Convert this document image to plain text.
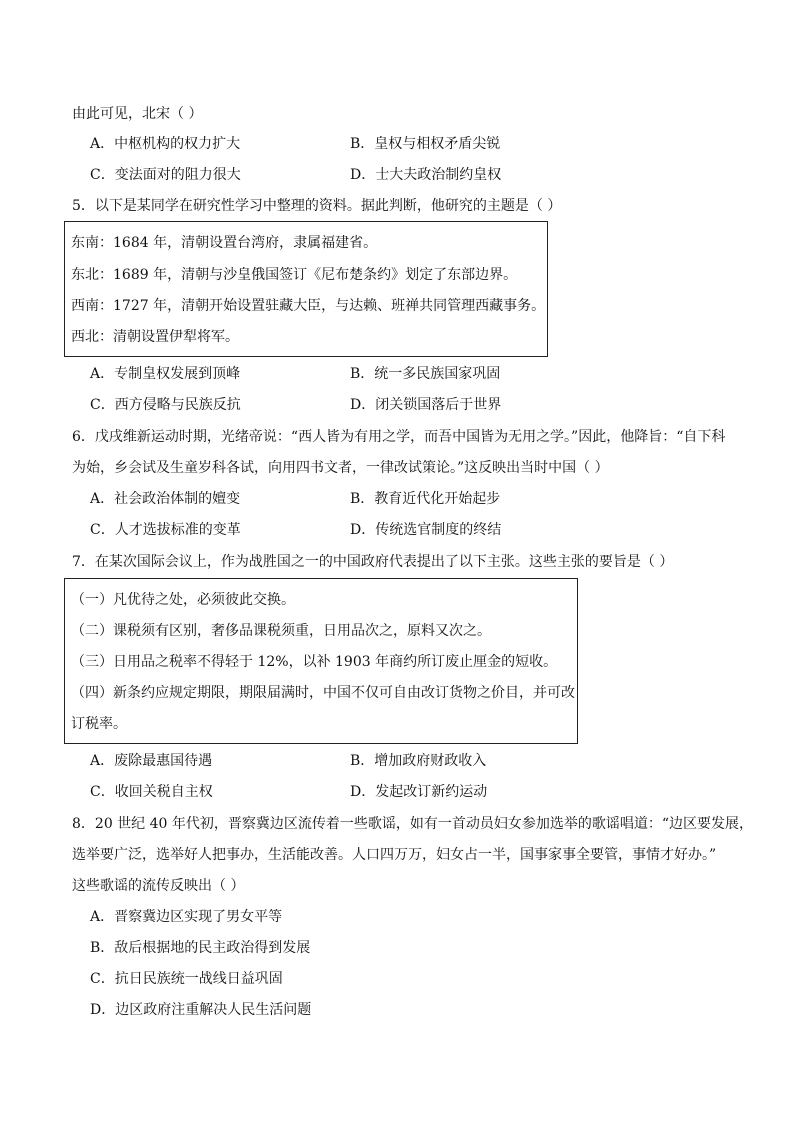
由此可见，北宋（ ）
A．中枢机构的权力扩大	B．皇权与相权矛盾尖锐
C．变法面对的阻力很大	D．士大夫政治制约皇权
5．以下是某同学在研究性学习中整理的资料。据此判断，他研究的主题是（ ）
东南：1684 年，清朝设置台湾府，隶属福建省。
东北：1689 年，清朝与沙皇俄国签订《尼布楚条约》划定了东部边界。
西南：1727 年，清朝开始设置驻藏大臣，与达赖、班禅共同管理西藏事务。
西北：清朝设置伊犁将军。
A．专制皇权发展到顶峰	B．统一多民族国家巩固
C．西方侵略与民族反抗	D．闭关锁国落后于世界
6．戊戌维新运动时期，光绪帝说：“西人皆为有用之学，而吾中国皆为无用之学。”因此，他降旨：“自下科
为始，乡会试及生童岁科各试，向用四书文者，一律改试策论。”这反映出当时中国（ ）
A．社会政治体制的嬗变	B．教育近代化开始起步
C．人才选拔标准的变革	D．传统选官制度的终结
7．在某次国际会议上，作为战胜国之一的中国政府代表提出了以下主张。这些主张的要旨是（ ）
（一）凡优待之处，必须彼此交换。
（二）课税须有区别，奢侈品课税须重，日用品次之，原料又次之。
（三）日用品之税率不得轻于 12%，以补 1903 年商约所订废止厘金的短收。
（四）新条约应规定期限，期限届满时，中国不仅可自由改订货物之价目，并可改
订税率。
A．废除最惠国待遇	B．增加政府财政收入
C．收回关税自主权	D．发起改订新约运动
8．20 世纪 40 年代初，晋察冀边区流传着一些歌谣，如有一首动员妇女参加选举的歌谣唱道：“边区要发展，
选举要广泛，选举好人把事办，生活能改善。人口四万万，妇女占一半，国事家事全要管，事情才好办。”
这些歌谣的流传反映出（ ）
A．晋察冀边区实现了男女平等
B．敌后根据地的民主政治得到发展
C．抗日民族统一战线日益巩固
D．边区政府注重解决人民生活问题
